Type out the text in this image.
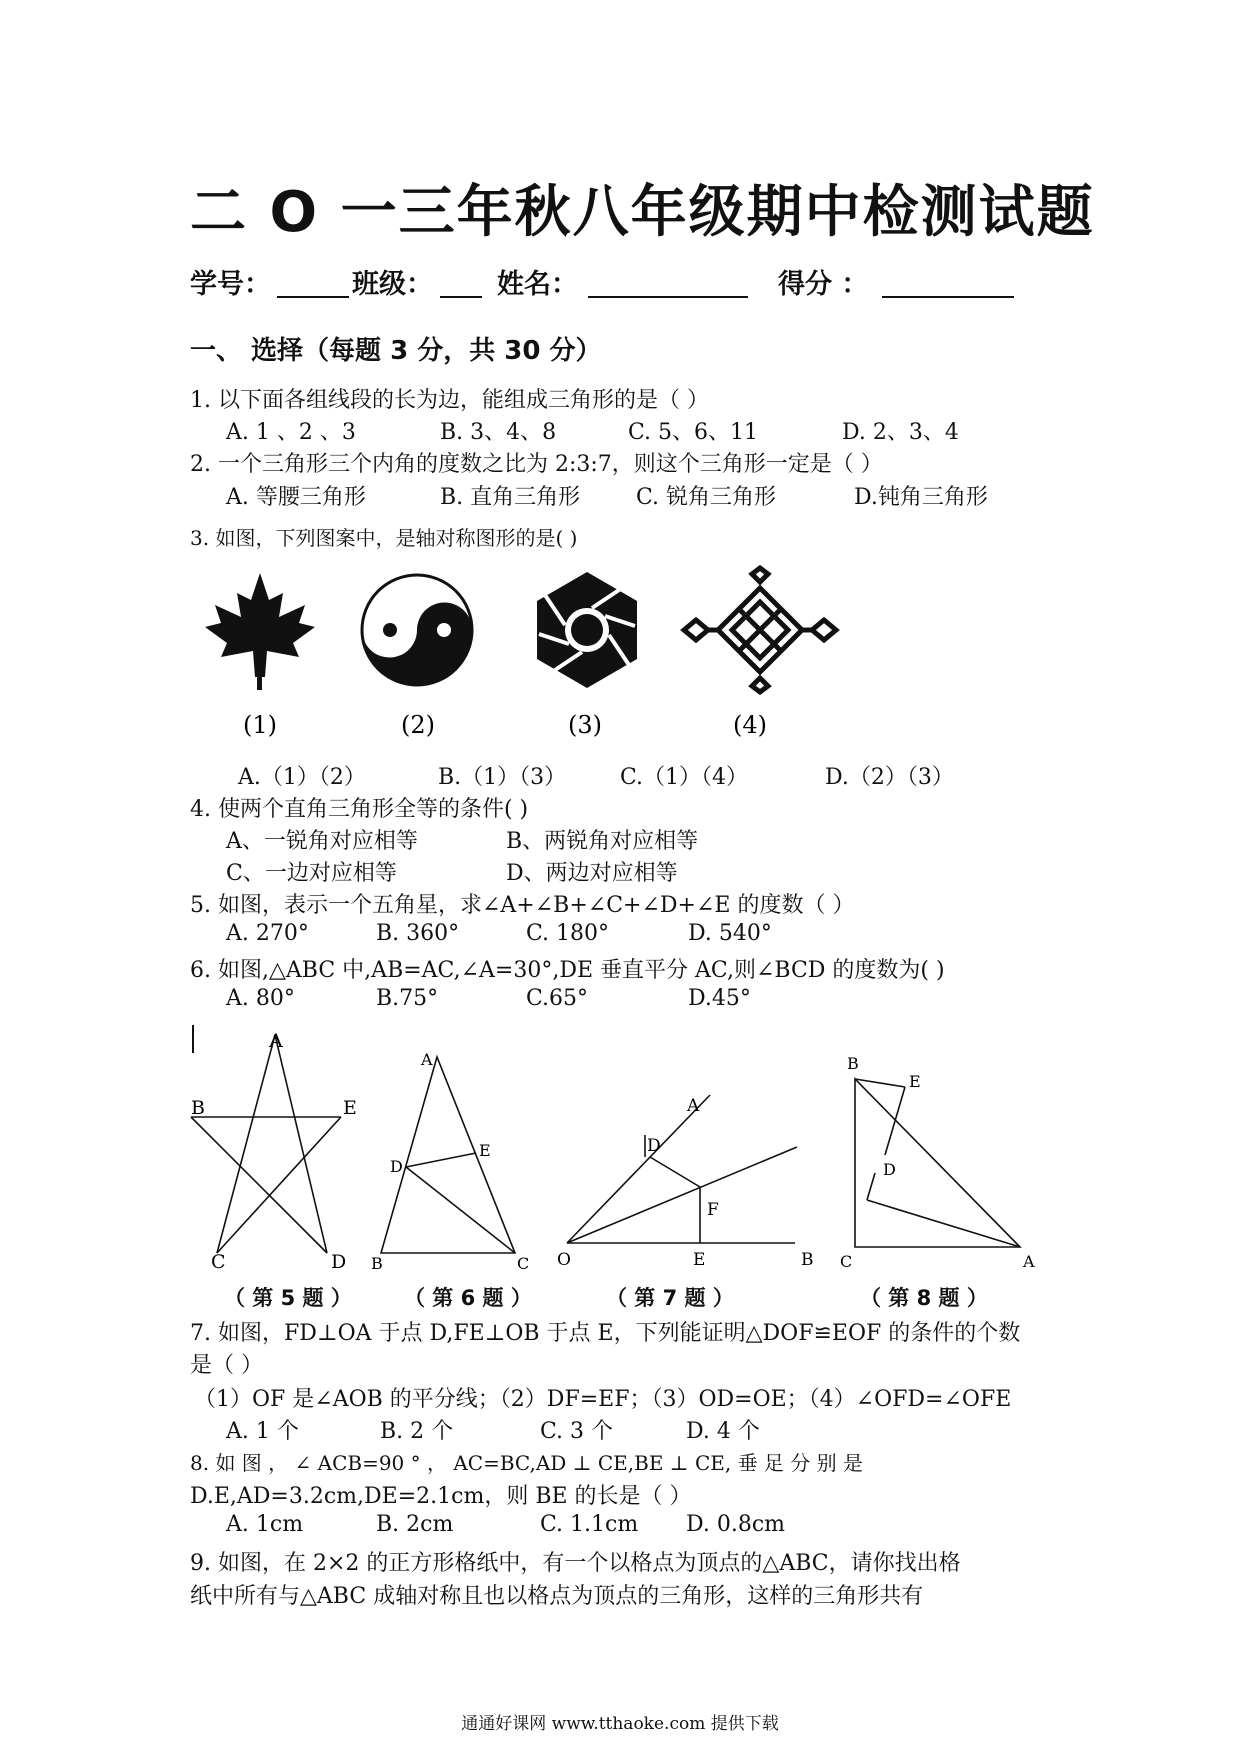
二 O 一三年秋八年级期中检测试题
学号：	班级： 姓名：	得分 ：
一、 选择（每题 3 分，共 30 分）
1. 以下面各组线段的长为边，能组成三角形的是（ ）
A. 1 、2 、3	B. 3、4、8	C. 5、6、11	D. 2、3、4
2. 一个三角形三个内角的度数之比为 2:3:7，则这个三角形一定是（ ）
A. 等腰三角形	B. 直角三角形	C. 锐角三角形	D.钝角三角形
3. 如图，下列图案中，是轴对称图形的是( )
(1)	(2)	(3)	(4)
A.（1）（2）	B.（1）（3） C.（1）（4）	D.（2）（3）
4. 使两个直角三角形全等的条件( )
A、一锐角对应相等	B、两锐角对应相等
C、一边对应相等	D、两边对应相等
5. 如图，表示一个五角星，求∠A+∠B+∠C+∠D+∠E 的度数（ ）
A. 270°	B. 360°	C. 180°	D. 540°
6. 如图,△ABC 中,AB=AC,∠A=30°,DE 垂直平分 AC,则∠BCD 的度数为( )
A. 80°	B.75°	C.65°	D.45°
A
B	E
C	D
A
E
D
B	C
A
D
F
O	E	B
B
E
D
C	A
（ 第 5 题 ） （ 第 6 题 ）	（ 第 7 题 ）	（ 第 8 题 ）
7. 如图，FD⊥OA 于点 D,FE⊥OB 于点 E，下列能证明△DOF≌EOF 的条件的个数
是（ ）
（1）OF 是∠AOB 的平分线；（2）DF=EF；（3）OD=OE；（4）∠OFD=∠OFE
A. 1 个	B. 2 个	C. 3 个	D. 4 个
8. 如 图 ， ∠ ACB=90 ° ， AC=BC,AD ⊥ CE,BE ⊥ CE, 垂 足 分 别 是
D.E,AD=3.2cm,DE=2.1cm，则 BE 的长是（ ）
A. 1cm	B. 2cm	C. 1.1cm D. 0.8cm
9. 如图，在 2×2 的正方形格纸中，有一个以格点为顶点的△ABC，请你找出格
纸中所有与△ABC 成轴对称且也以格点为顶点的三角形，这样的三角形共有
通通好课网 www.tthaoke.com 提供下载
